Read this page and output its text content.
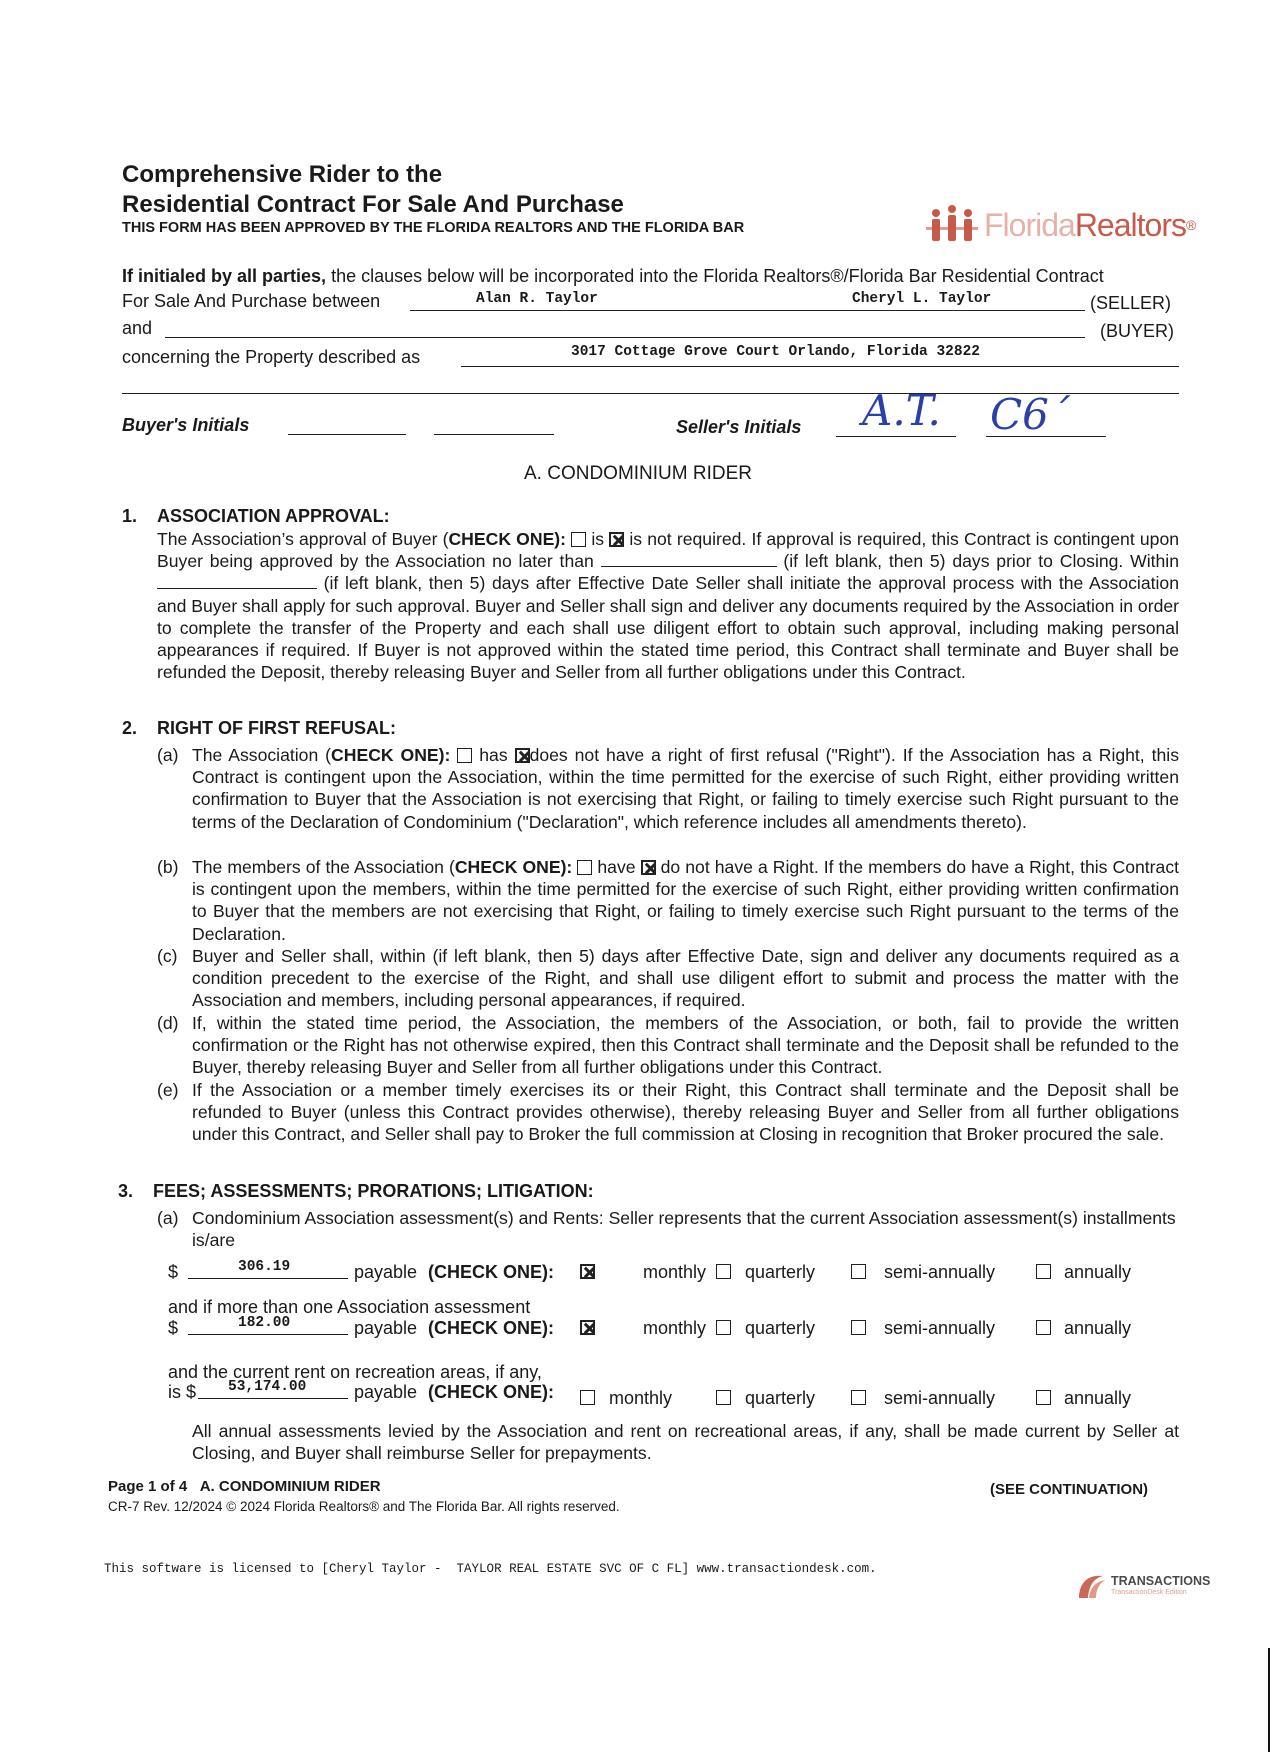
Comprehensive Rider to the
Residential Contract For Sale And Purchase
THIS FORM HAS BEEN APPROVED BY THE FLORIDA REALTORS AND THE FLORIDA BAR	FloridaRealtors®
If initialed by all parties, the clauses below will be incorporated into the Florida Realtors®/Florida Bar Residential Contract
For Sale And Purchase between	Alan R. Taylor	Cheryl L. Taylor	(SELLER)
and	(BUYER)
concerning the Property described as	3017 Cottage Grove Court Orlando, Florida 32822
Buyer's Initials	Seller's Initials A.T. C6´
A. CONDOMINIUM RIDER
1. ASSOCIATION APPROVAL:
The Association’s approval of Buyer (CHECK ONE):  is  is not required. If approval is required, this Contract is contingent upon Buyer being approved by the Association no later than	(if left blank, then 5) days prior to Closing. Within  (if left blank, then 5) days after Effective Date Seller shall initiate the approval process with the Association and Buyer shall apply for such approval. Buyer and Seller shall sign and deliver any documents required by the Association in order to complete the transfer of the Property and each shall use diligent effort to obtain such approval, including making personal appearances if required. If Buyer is not approved within the stated time period, this Contract shall terminate and Buyer shall be refunded the Deposit, thereby releasing Buyer and Seller from all further obligations under this Contract.
2. RIGHT OF FIRST REFUSAL:
(a) The Association (CHECK ONE):  has does not have a right of first refusal ("Right"). If the Association has a Right, this Contract is contingent upon the Association, within the time permitted for the exercise of such Right, either providing written confirmation to Buyer that the Association is not exercising that Right, or failing to timely exercise such Right pursuant to the terms of the Declaration of Condominium ("Declaration", which reference includes all amendments thereto).
(b) The members of the Association (CHECK ONE):  have  do not have a Right. If the members do have a Right, this Contract is contingent upon the members, within the time permitted for the exercise of such Right, either providing written confirmation to Buyer that the members are not exercising that Right, or failing to timely exercise such Right pursuant to the terms of the Declaration.
(c) Buyer and Seller shall, within (if left blank, then 5) days after Effective Date, sign and deliver any documents required as a condition precedent to the exercise of the Right, and shall use diligent effort to submit and process the matter with the Association and members, including personal appearances, if required.
(d) If, within the stated time period, the Association, the members of the Association, or both, fail to provide the written confirmation or the Right has not otherwise expired, then this Contract shall terminate and the Deposit shall be refunded to the Buyer, thereby releasing Buyer and Seller from all further obligations under this Contract.
(e) If the Association or a member timely exercises its or their Right, this Contract shall terminate and the Deposit shall be refunded to Buyer (unless this Contract provides otherwise), thereby releasing Buyer and Seller from all further obligations under this Contract, and Seller shall pay to Broker the full commission at Closing in recognition that Broker procured the sale.
3. FEES; ASSESSMENTS; PRORATIONS; LITIGATION:
(a) Condominium Association assessment(s) and Rents: Seller represents that the current Association assessment(s) installments is/are
$	306.19	payable (CHECK ONE):	monthly quarterly	semi-annually	annually
and if more than one Association assessment
$	182.00	payable (CHECK ONE):	monthly quarterly	semi-annually	annually
and the current rent on recreation areas, if any,
is $ 53,174.00	payable (CHECK ONE):	monthly	quarterly	semi-annually	annually
All annual assessments levied by the Association and rent on recreational areas, if any, shall be made current by Seller at Closing, and Buyer shall reimburse Seller for prepayments.
Page 1 of 4 A. CONDOMINIUM RIDER	(SEE CONTINUATION)
CR-7 Rev. 12/2024 © 2024 Florida Realtors® and The Florida Bar. All rights reserved.
This software is licensed to [Cheryl Taylor -  TAYLOR REAL ESTATE SVC OF C FL] www.transactiondesk.com.
TRANSACTIONS
TransactionDesk Edition
